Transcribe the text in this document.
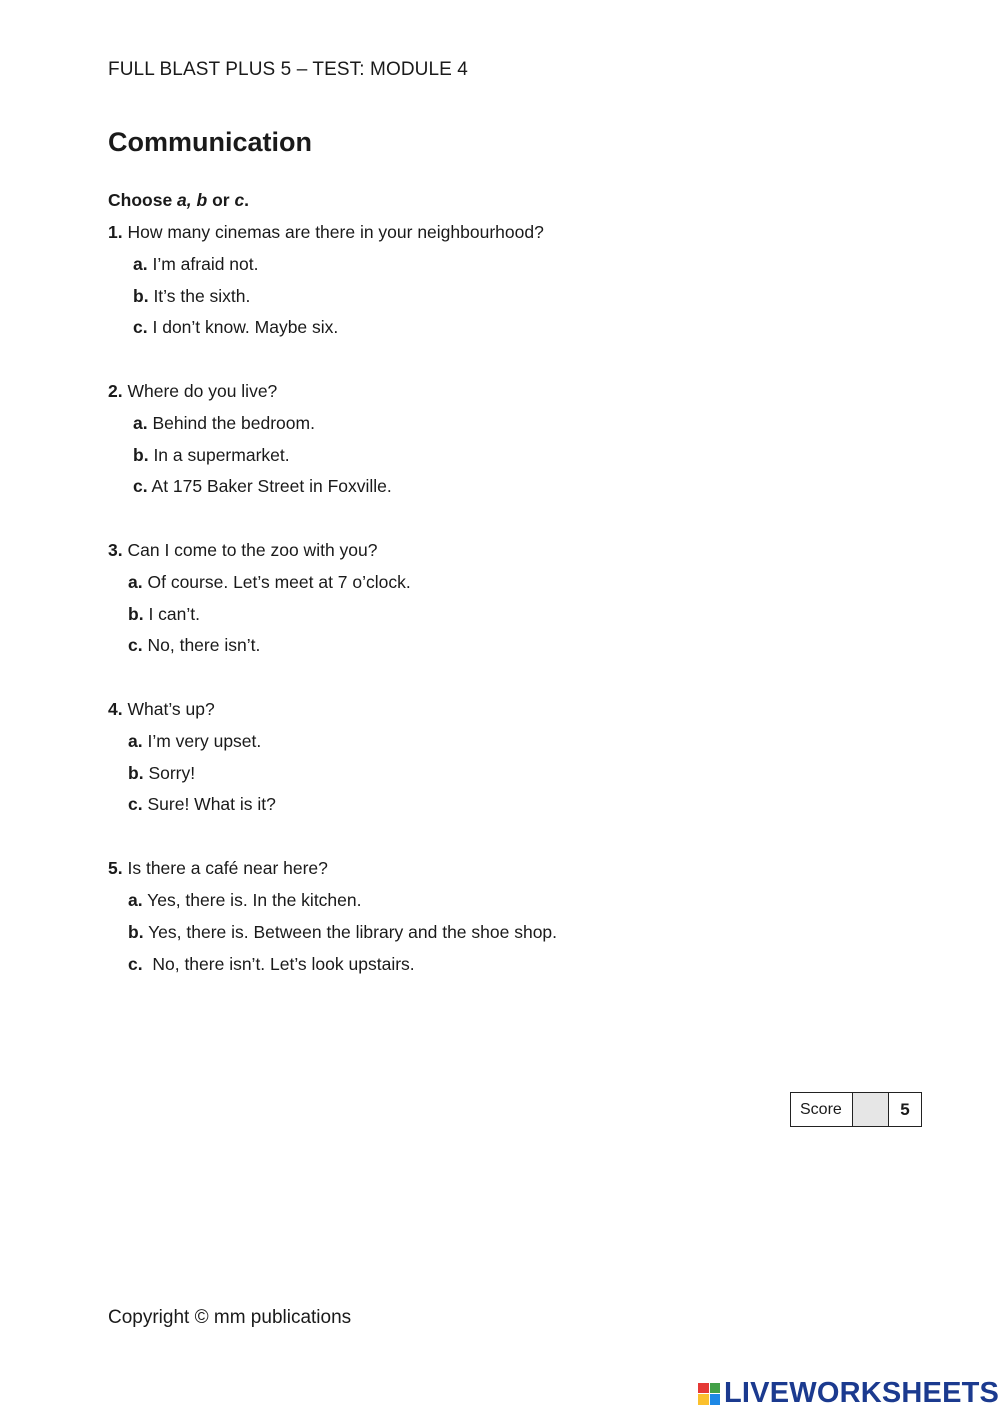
FULL BLAST PLUS 5 – TEST: MODULE 4
Communication
Choose a, b or c.
1. How many cinemas are there in your neighbourhood?
a. I’m afraid not.
b. It’s the sixth.
c. I don’t know. Maybe six.
2. Where do you live?
a. Behind the bedroom.
b. In a supermarket.
c. At 175 Baker Street in Foxville.
3. Can I come to the zoo with you?
a. Of course. Let’s meet at 7 o’clock.
b. I can’t.
c. No, there isn’t.
4. What’s up?
a. I’m very upset.
b. Sorry!
c. Sure! What is it?
5. Is there a café near here?
a. Yes, there is. In the kitchen.
b. Yes, there is. Between the library and the shoe shop.
c.  No, there isn’t. Let’s look upstairs.
Score	5
Copyright © mm publications
LIVEWORKSHEETS
